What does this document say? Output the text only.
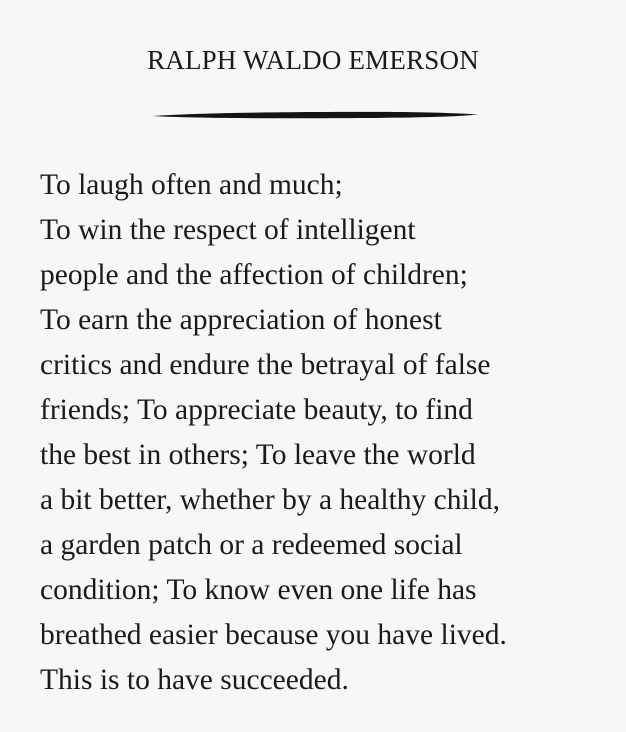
RALPH WALDO EMERSON
To laugh often and much;
To win the respect of intelligent
people and the affection of children;
To earn the appreciation of honest
critics and endure the betrayal of false
friends; To appreciate beauty, to find
the best in others; To leave the world
a bit better, whether by a healthy child,
a garden patch or a redeemed social
condition; To know even one life has
breathed easier because you have lived.
This is to have succeeded.
